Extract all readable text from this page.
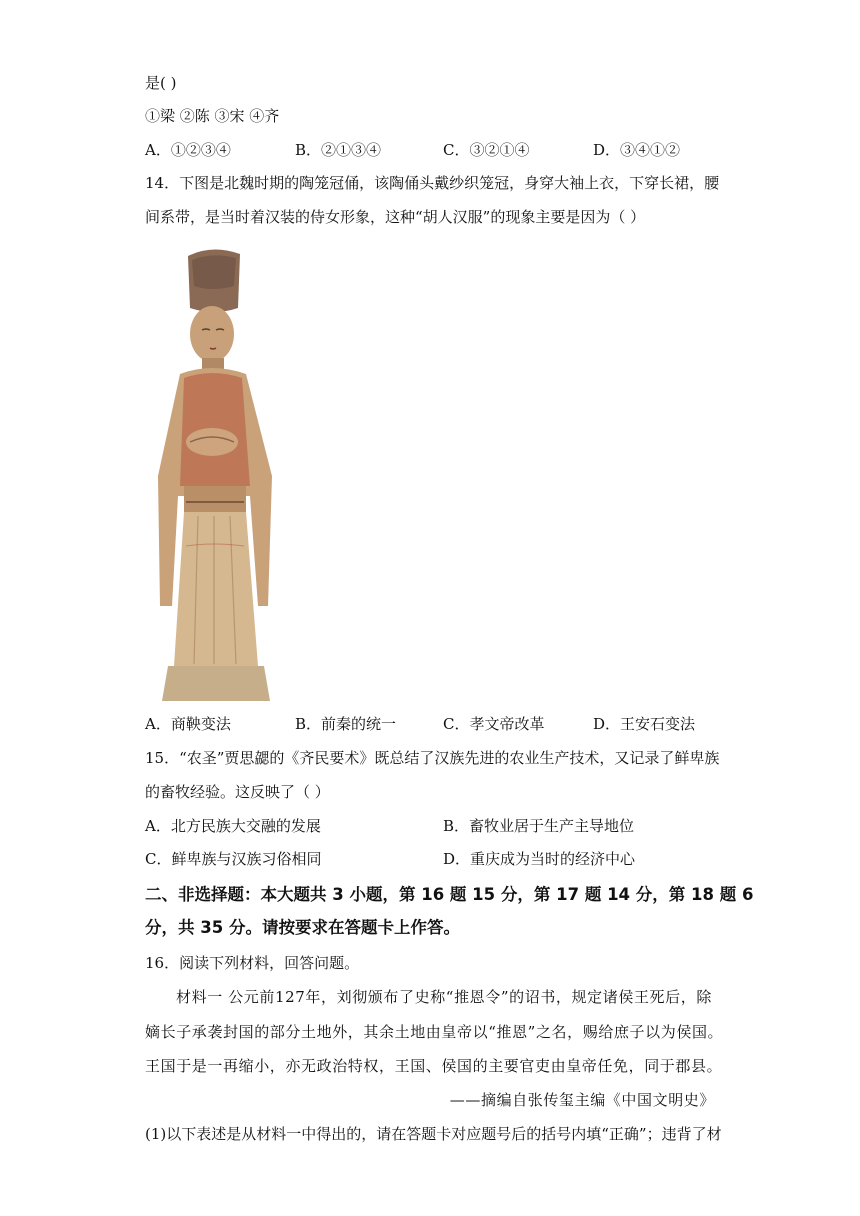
是( )
①梁 ②陈 ③宋 ④齐
A．①②③④	B．②①③④	C．③②①④	D．③④①②
14．下图是北魏时期的陶笼冠俑，该陶俑头戴纱织笼冠，身穿大袖上衣，下穿长裙，腰
间系带，是当时着汉装的侍女形象，这种“胡人汉服”的现象主要是因为（ ）
A．商鞅变法	B．前秦的统一	C．孝文帝改革	D．王安石变法
15．“农圣”贾思勰的《齐民要术》既总结了汉族先进的农业生产技术，又记录了鲜卑族
的畜牧经验。这反映了（ ）
A．北方民族大交融的发展	B．畜牧业居于生产主导地位
C．鲜卑族与汉族习俗相同	D．重庆成为当时的经济中心
二、非选择题：本大题共 3 小题，第 16 题 15 分，第 17 题 14 分，第 18 题 6
分，共 35 分。请按要求在答题卡上作答。
16．阅读下列材料，回答问题。
材料一 公元前127年，刘彻颁布了史称“推恩令”的诏书，规定诸侯王死后，除
嫡长子承袭封国的部分土地外，其余土地由皇帝以“推恩”之名，赐给庶子以为侯国。
王国于是一再缩小，亦无政治特权，王国、侯国的主要官吏由皇帝任免，同于郡县。
——摘编自张传玺主编《中国文明史》
(1)以下表述是从材料一中得出的，请在答题卡对应题号后的括号内填“正确”；违背了材
